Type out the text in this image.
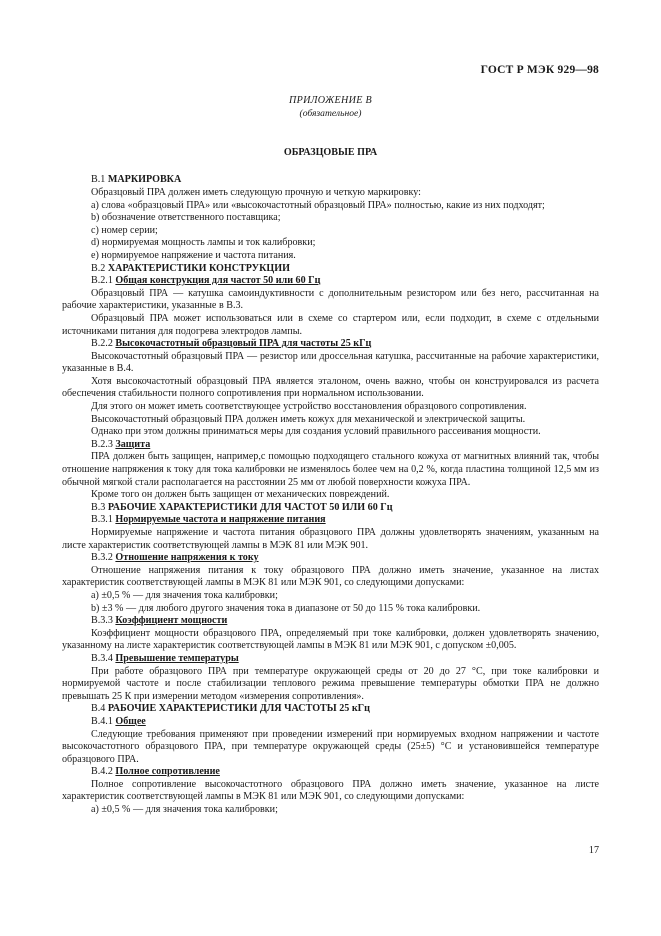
ГОСТ Р МЭК 929—98
ПРИЛОЖЕНИЕ В
(обязательное)
ОБРАЗЦОВЫЕ ПРА
В.1 МАРКИРОВКА
Образцовый ПРА должен иметь следующую прочную и четкую маркировку:
а) слова «образцовый ПРА» или «высокочастотный образцовый ПРА» полностью, какие из них подходят;
b) обозначение ответственного поставщика;
с) номер серии;
d) нормируемая мощность лампы и ток калибровки;
е) нормируемое напряжение и частота питания.
В.2 ХАРАКТЕРИСТИКИ КОНСТРУКЦИИ
В.2.1 Общая конструкция для частот 50 или 60 Гц
Образцовый ПРА — катушка самоиндуктивности с дополнительным резистором или без него, рассчитанная на рабочие характеристики, указанные в В.3.
Образцовый ПРА может использоваться или в схеме со стартером или, если подходит, в схеме с отдельными источниками питания для подогрева электродов лампы.
В.2.2 Высокочастотный образцовый ПРА для частоты 25 кГц
Высокочастотный образцовый ПРА — резистор или дроссельная катушка, рассчитанные на рабочие характеристики, указанные в В.4.
Хотя высокочастотный образцовый ПРА является эталоном, очень важно, чтобы он конструировался из расчета обеспечения стабильности полного сопротивления при нормальном использовании.
Для этого он может иметь соответствующее устройство восстановления образцового сопротивления.
Высокочастотный образцовый ПРА должен иметь кожух для механической и электрической защиты.
Однако при этом должны приниматься меры для создания условий правильного рассеивания мощности.
В.2.3 Защита
ПРА должен быть защищен, например,с помощью подходящего стального кожуха от магнитных влияний так, чтобы отношение напряжения к току для тока калибровки не изменялось более чем на 0,2 %, когда пластина толщиной 12,5 мм из обычной мягкой стали располагается на расстоянии 25 мм от любой поверхности кожуха ПРА.
Кроме того он должен быть защищен от механических повреждений.
В.3 РАБОЧИЕ ХАРАКТЕРИСТИКИ ДЛЯ ЧАСТОТ 50 ИЛИ 60 Гц
В.3.1 Нормируемые частота и напряжение питания
Нормируемые напряжение и частота питания образцового ПРА должны удовлетворять значениям, указанным на листе характеристик соответствующей лампы в МЭК 81 или МЭК 901.
В.3.2 Отношение напряжения к току
Отношение напряжения питания к току образцового ПРА должно иметь значение, указанное на листах характеристик соответствующей лампы в МЭК 81 или МЭК 901, со следующими допусками:
а) ±0,5 % — для значения тока калибровки;
b) ±3 % — для любого другого значения тока в диапазоне от 50 до 115 % тока калибровки.
В.3.3 Коэффициент мощности
Коэффициент мощности образцового ПРА, определяемый при токе калибровки, должен удовлетворять значению, указанному на листе характеристик соответствующей лампы в МЭК 81 или МЭК 901, с допуском ±0,005.
В.3.4 Превышение температуры
При работе образцового ПРА при температуре окружающей среды от 20 до 27 °С, при токе калибровки и нормируемой частоте и после стабилизации теплового режима превышение температуры обмотки ПРА не должно превышать 25 К при измерении методом «измерения сопротивления».
В.4 РАБОЧИЕ ХАРАКТЕРИСТИКИ ДЛЯ ЧАСТОТЫ 25 кГц
В.4.1 Общее
Следующие требования применяют при проведении измерений при нормируемых входном напряжении и частоте высокочастотного образцового ПРА, при температуре окружающей среды (25±5) °С и установившейся температуре образцового ПРА.
В.4.2 Полное сопротивление
Полное сопротивление высокочастотного образцового ПРА должно иметь значение, указанное на листе характеристик соответствующей лампы в МЭК 81 или МЭК 901, со следующими допусками:
а) ±0,5 % — для значения тока калибровки;
17
